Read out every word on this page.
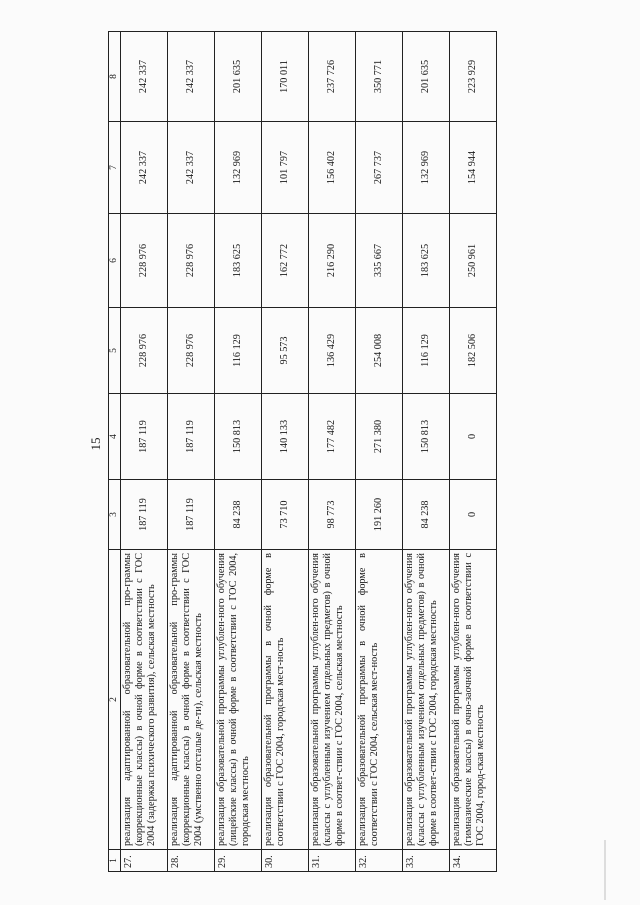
15
1	2	3	4	5	6	7	8
27.	реализация адаптированной образовательной про-граммы (коррекционные классы) в очной форме в соответствии с ГОС 2004 (задержка психического развития), сельская местность	187 119	187 119	228 976	228 976	242 337	242 337
28.	реализация адаптированной образовательной про-граммы (коррекционные классы) в очной форме в соответствии с ГОС 2004 (умственно отсталые де-ти), сельская местность	187 119	187 119	228 976	228 976	242 337	242 337
29.	реализация образовательной программы углублен-ного обучения (лицейские классы) в очной форме в соответствии с ГОС 2004, городская местность	84 238	150 813	116 129	183 625	132 969	201 635
30.	реализация образовательной программы в очной форме в соответствии с ГОС 2004, городская мест-ность	73 710	140 133	95 573	162 772	101 797	170 011
31.	реализация образовательной программы углублен-ного обучения (классы с углубленным изучением отдельных предметов) в очной форме в соответ-ствии с ГОС 2004, сельская местность	98 773	177 482	136 429	216 290	156 402	237 726
32.	реализация образовательной программы в очной форме в соответствии с ГОС 2004, сельская мест-ность	191 260	271 380	254 008	335 667	267 737	350 771
33.	реализация образовательной программы углублен-ного обучения (классы с углубленным изучением отдельных предметов) в очной форме в соответ-ствии с ГОС 2004, городская местность	84 238	150 813	116 129	183 625	132 969	201 635
34.	реализация образовательной программы углублен-ного обучения (гимназические классы) в очно-заочной форме в соответствии с ГОС 2004, город-ская местность	0	0	182 506	250 961	154 944	223 929
